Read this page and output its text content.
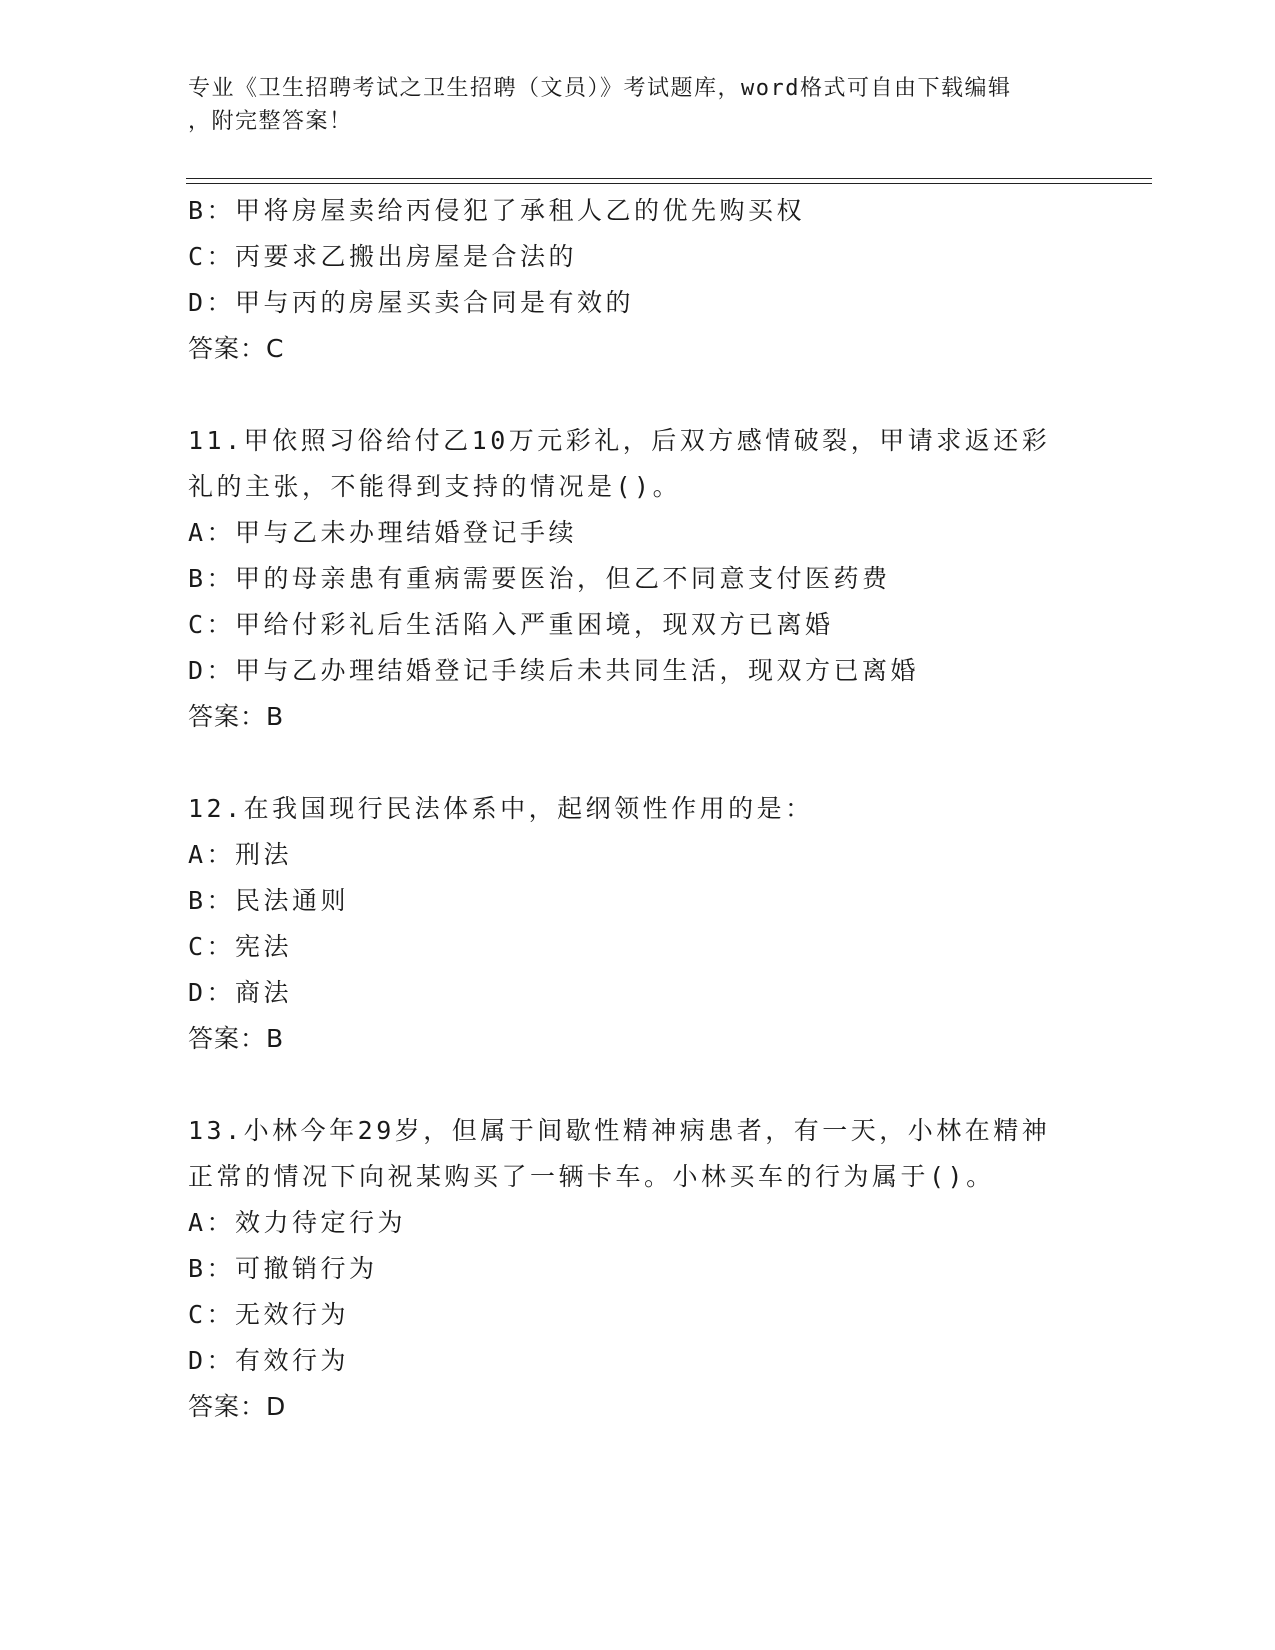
专业《卫生招聘考试之卫生招聘（文员）》考试题库，word格式可自由下载编辑
，附完整答案！
B：甲将房屋卖给丙侵犯了承租人乙的优先购买权
C：丙要求乙搬出房屋是合法的
D：甲与丙的房屋买卖合同是有效的
答案：C
11.甲依照习俗给付乙10万元彩礼，后双方感情破裂，甲请求返还彩
礼的主张，不能得到支持的情况是()。
A：甲与乙未办理结婚登记手续
B：甲的母亲患有重病需要医治，但乙不同意支付医药费
C：甲给付彩礼后生活陷入严重困境，现双方已离婚
D：甲与乙办理结婚登记手续后未共同生活，现双方已离婚
答案：B
12.在我国现行民法体系中，起纲领性作用的是：
A：刑法
B：民法通则
C：宪法
D：商法
答案：B
13.小林今年29岁，但属于间歇性精神病患者，有一天，小林在精神
正常的情况下向祝某购买了一辆卡车。小林买车的行为属于()。
A：效力待定行为
B：可撤销行为
C：无效行为
D：有效行为
答案：D
